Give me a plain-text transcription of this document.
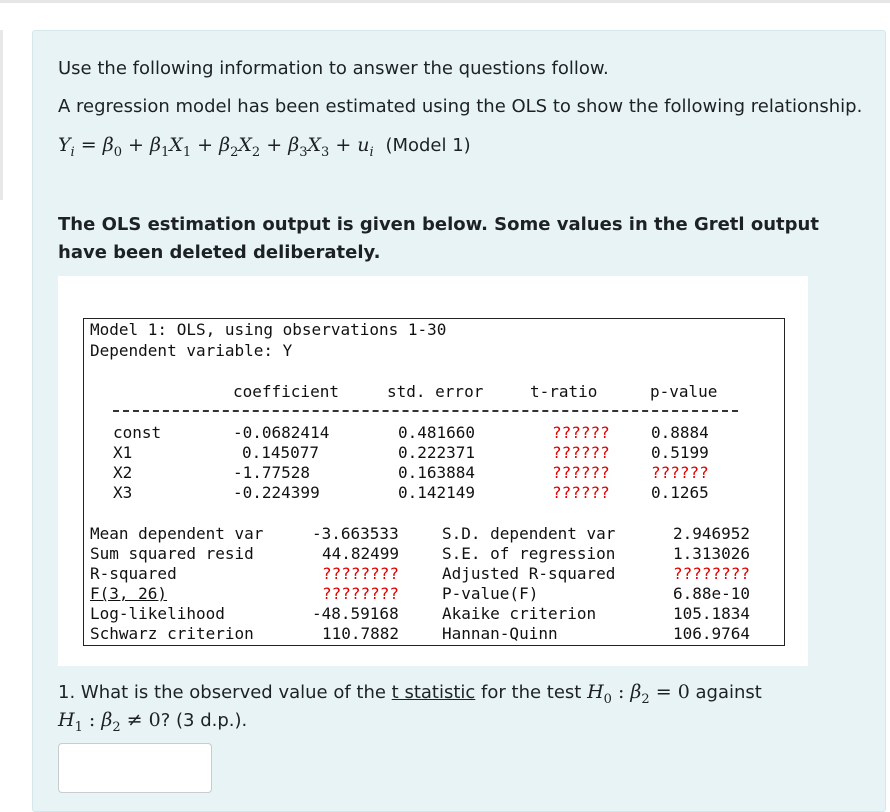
Use the following information to answer the questions follow.
A regression model has been estimated using the OLS to show the following relationship.
$Y_i = \beta_0 + \beta_1X_1 + \beta_2X_2 + \beta_3X_3 + u_i$ (Model 1)
The OLS estimation output is given below. Some values in the Gretl output have been deleted deliberately.
Model 1: OLS, using observations 1-30
Dependent variable: Y
coefficient	std. error	t-ratio	p-value
const	-0.0682414	0.481660	??????	0.8884
X1	0.145077	0.222371	??????	0.5199
X2	-1.77528	0.163884	??????	??????
X3	-0.224399	0.142149	??????	0.1265
Mean dependent var	-3.663533	S.D. dependent var	2.946952
Sum squared resid	44.82499	S.E. of regression	1.313026
R-squared	????????	Adjusted R-squared	????????
F(3, 26)	????????	P-value(F)	6.88e-10
Log-likelihood	-48.59168	Akaike criterion	105.1834
Schwarz criterion	110.7882	Hannan-Quinn	106.9764
1. What is the observed value of the t statistic for the test $H_0$ : $\beta_2 = 0$ against
$H_1$ : $\beta_2 \ne 0$? (3 d.p.).
